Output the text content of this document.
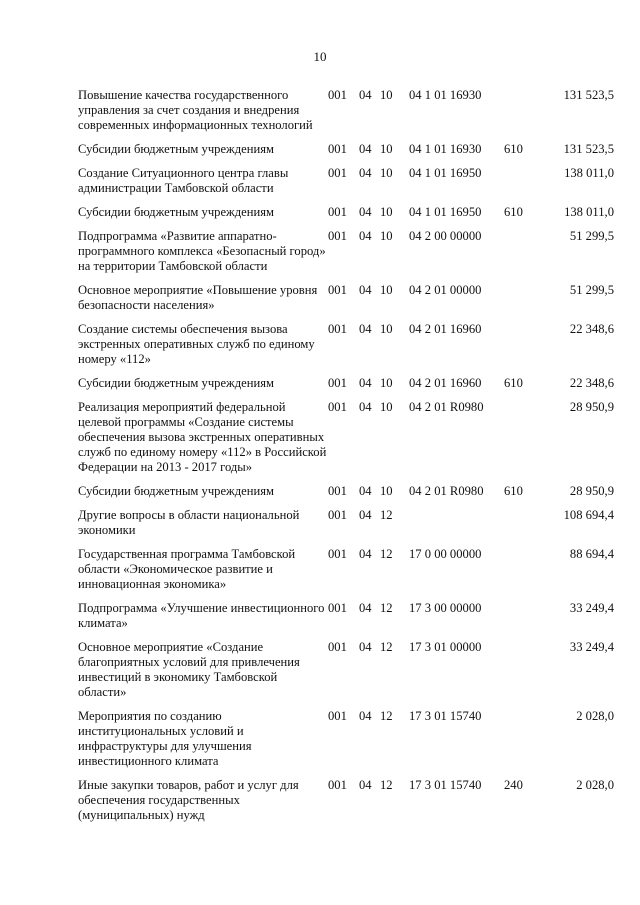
10
Повышение качества государственного управления за счет создания и внедрения современных информационных технологий	001	04	10	04 1 01 16930		131 523,5
Субсидии бюджетным учреждениям	001	04	10	04 1 01 16930	610	131 523,5
Создание Ситуационного центра главы администрации Тамбовской области	001	04	10	04 1 01 16950		138 011,0
Субсидии бюджетным учреждениям	001	04	10	04 1 01 16950	610	138 011,0
Подпрограмма «Развитие аппаратно-программного комплекса «Безопасный город» на территории Тамбовской области	001	04	10	04 2 00 00000		51 299,5
Основное мероприятие «Повышение уровня безопасности населения»	001	04	10	04 2 01 00000		51 299,5
Создание системы обеспечения вызова экстренных оперативных служб по единому номеру «112»	001	04	10	04 2 01 16960		22 348,6
Субсидии бюджетным учреждениям	001	04	10	04 2 01 16960	610	22 348,6
Реализация мероприятий федеральной целевой программы «Создание системы обеспечения вызова экстренных оперативных служб по единому номеру «112» в Российской Федерации на 2013 - 2017 годы»	001	04	10	04 2 01 R0980		28 950,9
Субсидии бюджетным учреждениям	001	04	10	04 2 01 R0980	610	28 950,9
Другие вопросы в области национальной экономики	001	04	12			108 694,4
Государственная программа Тамбовской области «Экономическое развитие и инновационная экономика»	001	04	12	17 0 00 00000		88 694,4
Подпрограмма «Улучшение инвестиционного климата»	001	04	12	17 3 00 00000		33 249,4
Основное мероприятие «Создание благоприятных условий для привлечения инвестиций в экономику Тамбовской области»	001	04	12	17 3 01 00000		33 249,4
Мероприятия по созданию институциональных условий и инфраструктуры для улучшения инвестиционного климата	001	04	12	17 3 01 15740		2 028,0
Иные закупки товаров, работ и услуг для обеспечения государственных (муниципальных) нужд	001	04	12	17 3 01 15740	240	2 028,0
